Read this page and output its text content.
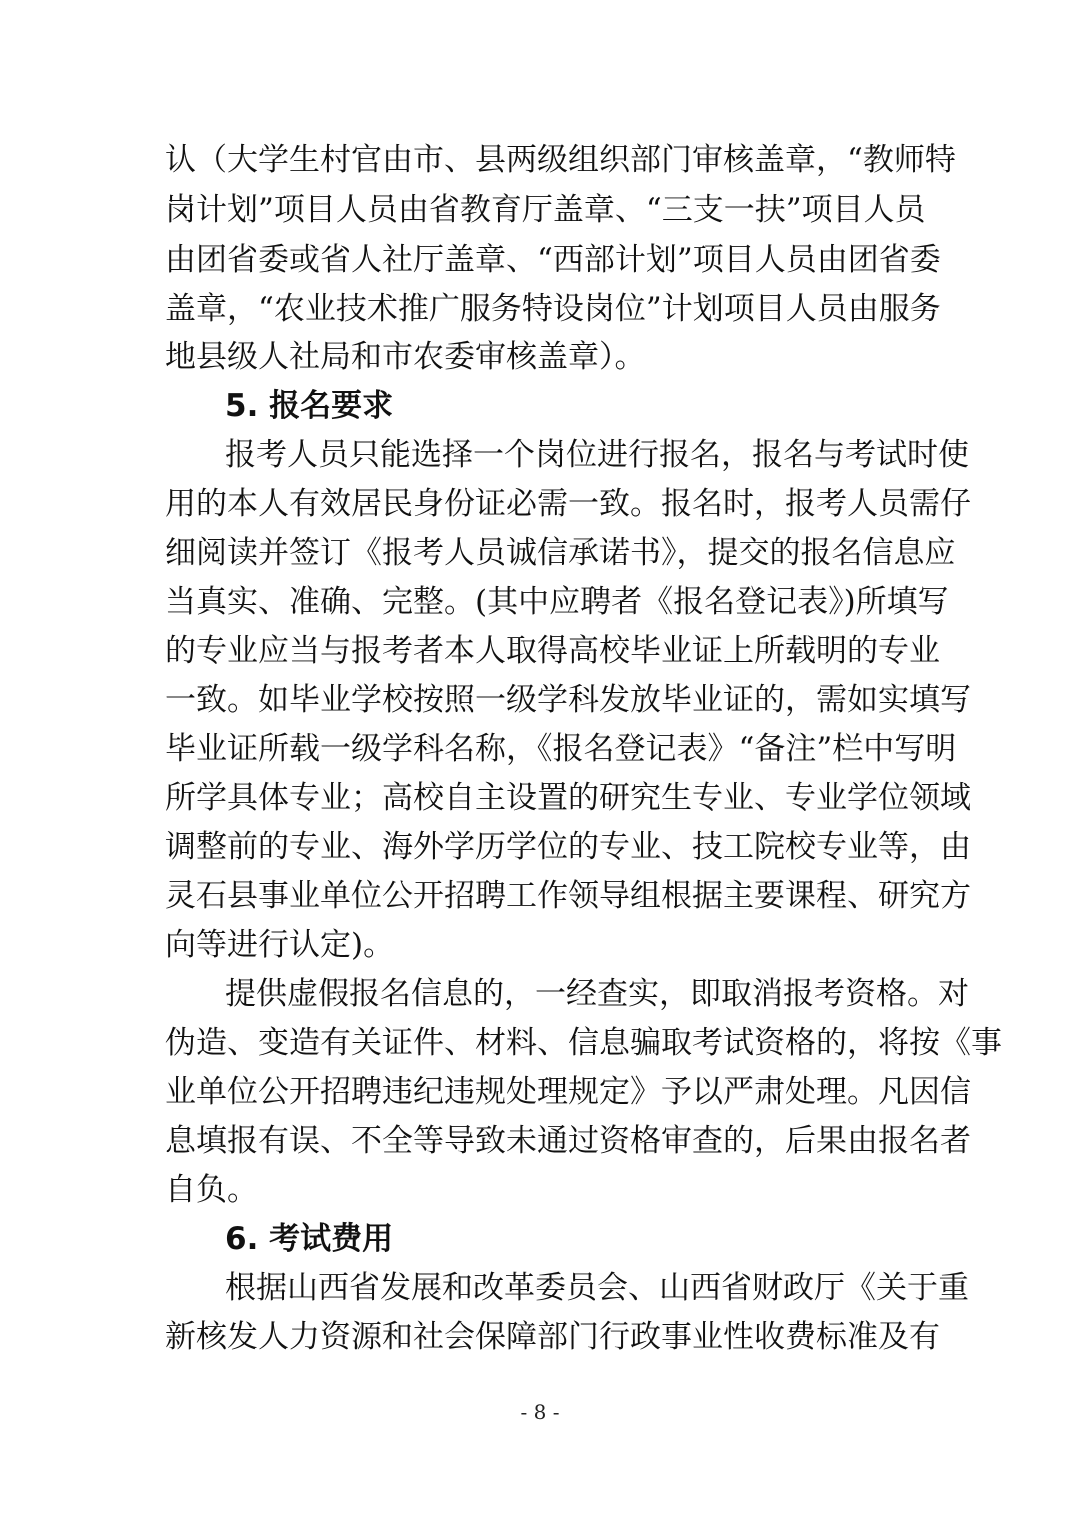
认（大学生村官由市、县两级组织部门审核盖章，“教师特
岗计划”项目人员由省教育厅盖章、“三支一扶”项目人员
由团省委或省人社厅盖章、“西部计划”项目人员由团省委
盖章，“农业技术推广服务特设岗位”计划项目人员由服务
地县级人社局和市农委审核盖章）。
5. 报名要求
报考人员只能选择一个岗位进行报名，报名与考试时使
用的本人有效居民身份证必需一致。报名时，报考人员需仔
细阅读并签订《报考人员诚信承诺书》，提交的报名信息应
当真实、准确、完整。(其中应聘者《报名登记表》)所填写
的专业应当与报考者本人取得高校毕业证上所载明的专业
一致。如毕业学校按照一级学科发放毕业证的，需如实填写
毕业证所载一级学科名称，《报名登记表》“备注”栏中写明
所学具体专业；高校自主设置的研究生专业、专业学位领域
调整前的专业、海外学历学位的专业、技工院校专业等，由
灵石县事业单位公开招聘工作领导组根据主要课程、研究方
向等进行认定)。
提供虚假报名信息的，一经查实，即取消报考资格。对
伪造、变造有关证件、材料、信息骗取考试资格的，将按《事
业单位公开招聘违纪违规处理规定》予以严肃处理。凡因信
息填报有误、不全等导致未通过资格审查的，后果由报名者
自负。
6. 考试费用
根据山西省发展和改革委员会、山西省财政厅《关于重
新核发人力资源和社会保障部门行政事业性收费标准及有
- 8 -
